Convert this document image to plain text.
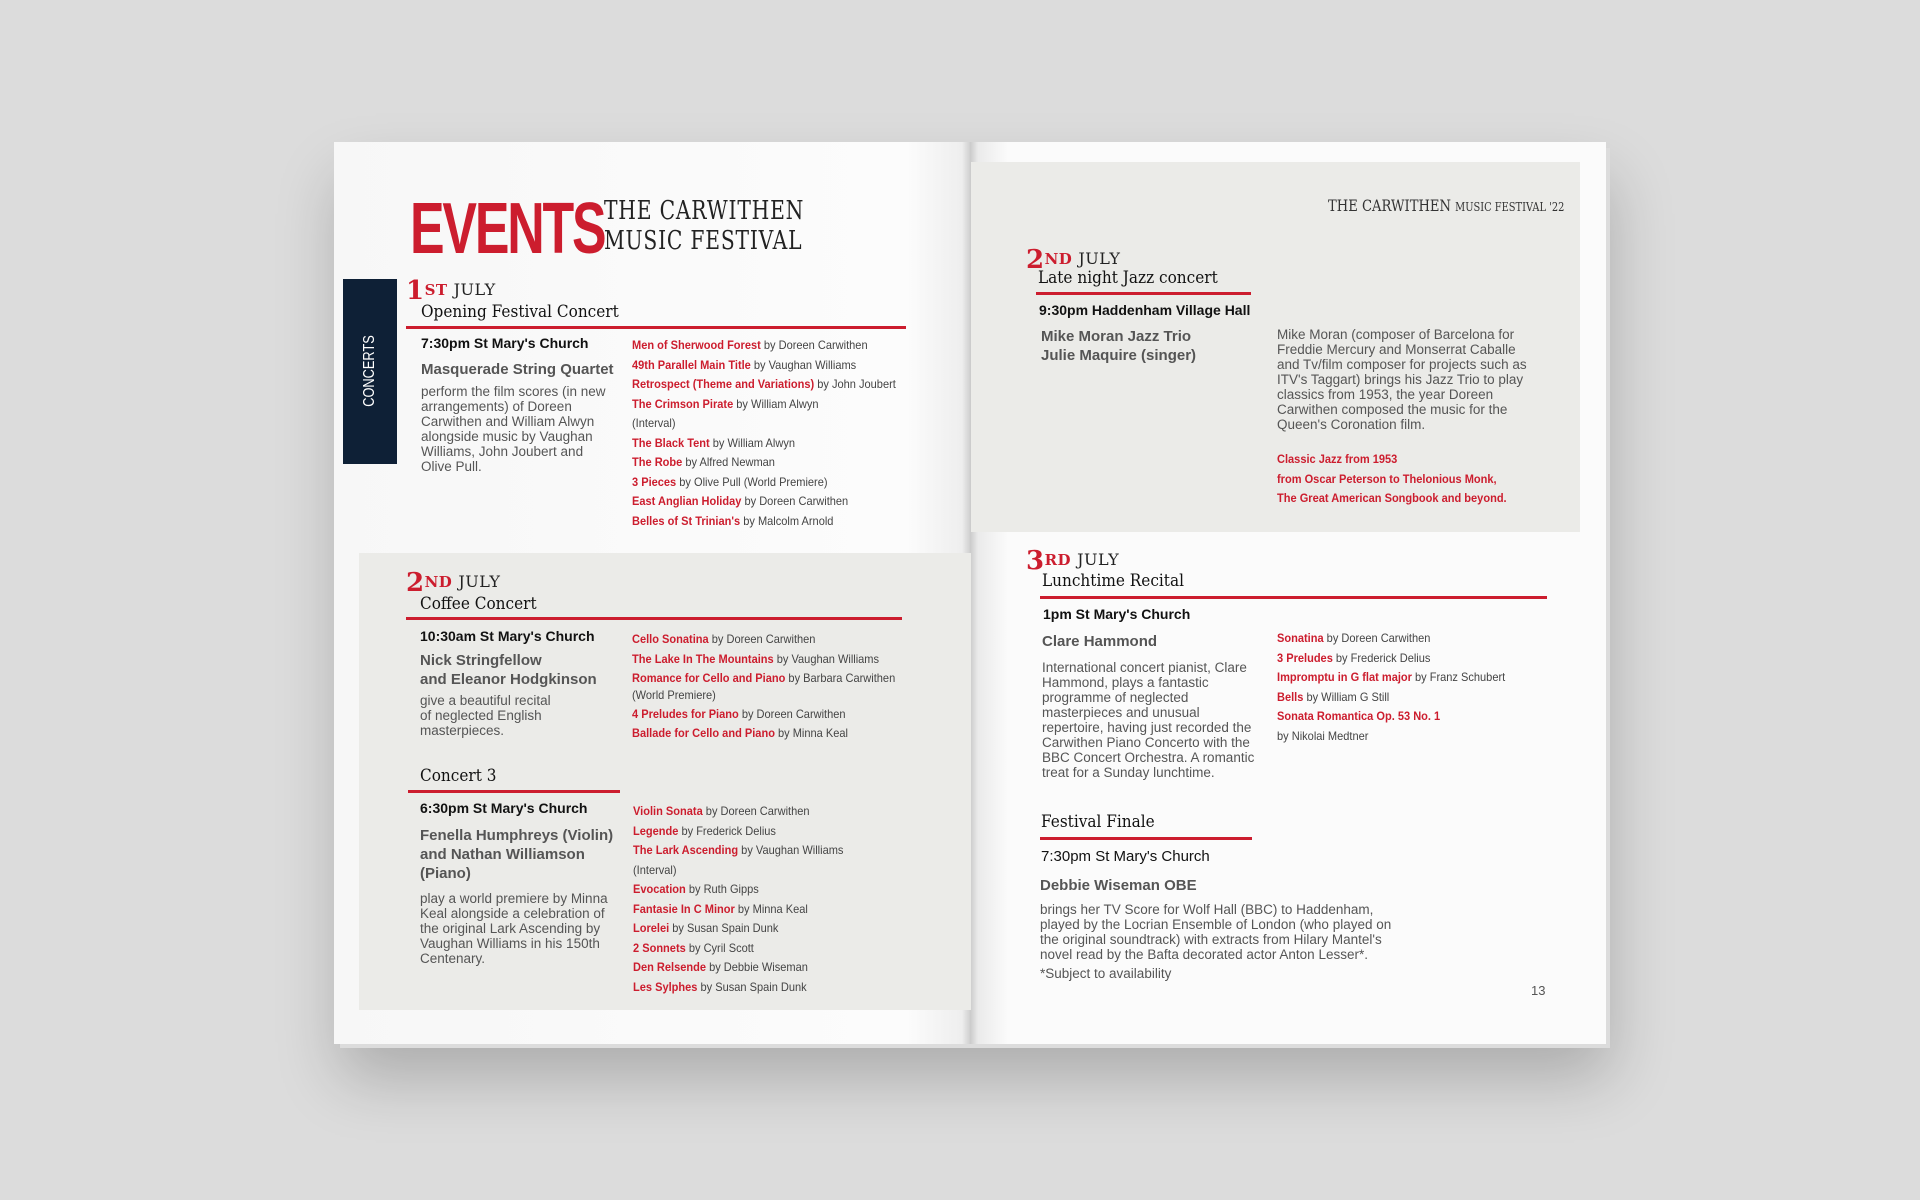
EVENTS THE CARWITHEN
MUSIC FESTIVAL
CONCERTS
1ST JULY
Opening Festival Concert
7:30pm St Mary's Church
Masquerade String Quartet
perform the film scores (in new arrangements) of Doreen Carwithen and William Alwyn alongside music by Vaughan Williams, John Joubert and Olive Pull.
Men of Sherwood Forest by Doreen Carwithen
49th Parallel Main Title by Vaughan Williams
Retrospect (Theme and Variations) by John Joubert
The Crimson Pirate by William Alwyn
(Interval)
The Black Tent by William Alwyn
The Robe by Alfred Newman
3 Pieces by Olive Pull (World Premiere)
East Anglian Holiday by Doreen Carwithen
Belles of St Trinian's by Malcolm Arnold
2ND JULY
Coffee Concert
10:30am St Mary's Church
Nick Stringfellow
and Eleanor Hodgkinson
give a beautiful recital of neglected English masterpieces.
Cello Sonatina by Doreen Carwithen
The Lake In The Mountains by Vaughan Williams
Romance for Cello and Piano by Barbara Carwithen
(World Premiere)
4 Preludes for Piano by Doreen Carwithen
Ballade for Cello and Piano by Minna Keal
Concert 3
6:30pm St Mary's Church
Fenella Humphreys (Violin) and Nathan Williamson (Piano)
play a world premiere by Minna Keal alongside a celebration of the original Lark Ascending by Vaughan Williams in his 150th Centenary.
Violin Sonata by Doreen Carwithen
Legende by Frederick Delius
The Lark Ascending by Vaughan Williams
(Interval)
Evocation by Ruth Gipps
Fantasie In C Minor by Minna Keal
Lorelei by Susan Spain Dunk
2 Sonnets by Cyril Scott
Den Relsende by Debbie Wiseman
Les Sylphes by Susan Spain Dunk
THE CARWITHEN MUSIC FESTIVAL '22
2ND JULY
Late night Jazz concert
9:30pm Haddenham Village Hall
Mike Moran Jazz Trio
Julie Maquire (singer)
Mike Moran (composer of Barcelona for Freddie Mercury and Monserrat Caballe and Tv/film composer for projects such as ITV's Taggart) brings his Jazz Trio to play classics from 1953, the year Doreen Carwithen composed the music for the Queen's Coronation film.
Classic Jazz from 1953
from Oscar Peterson to Thelonious Monk,
The Great American Songbook and beyond.
3RD JULY
Lunchtime Recital
1pm St Mary's Church
Clare Hammond
International concert pianist, Clare Hammond, plays a fantastic programme of neglected masterpieces and unusual repertoire, having just recorded the Carwithen Piano Concerto with the BBC Concert Orchestra. A romantic treat for a Sunday lunchtime.
Sonatina by Doreen Carwithen
3 Preludes by Frederick Delius
Impromptu in G flat major by Franz Schubert
Bells by William G Still
Sonata Romantica Op. 53 No. 1
by Nikolai Medtner
Festival Finale
7:30pm St Mary's Church
Debbie Wiseman OBE
brings her TV Score for Wolf Hall (BBC) to Haddenham, played by the Locrian Ensemble of London (who played on the original soundtrack) with extracts from Hilary Mantel's novel read by the Bafta decorated actor Anton Lesser*.
*Subject to availability
13
